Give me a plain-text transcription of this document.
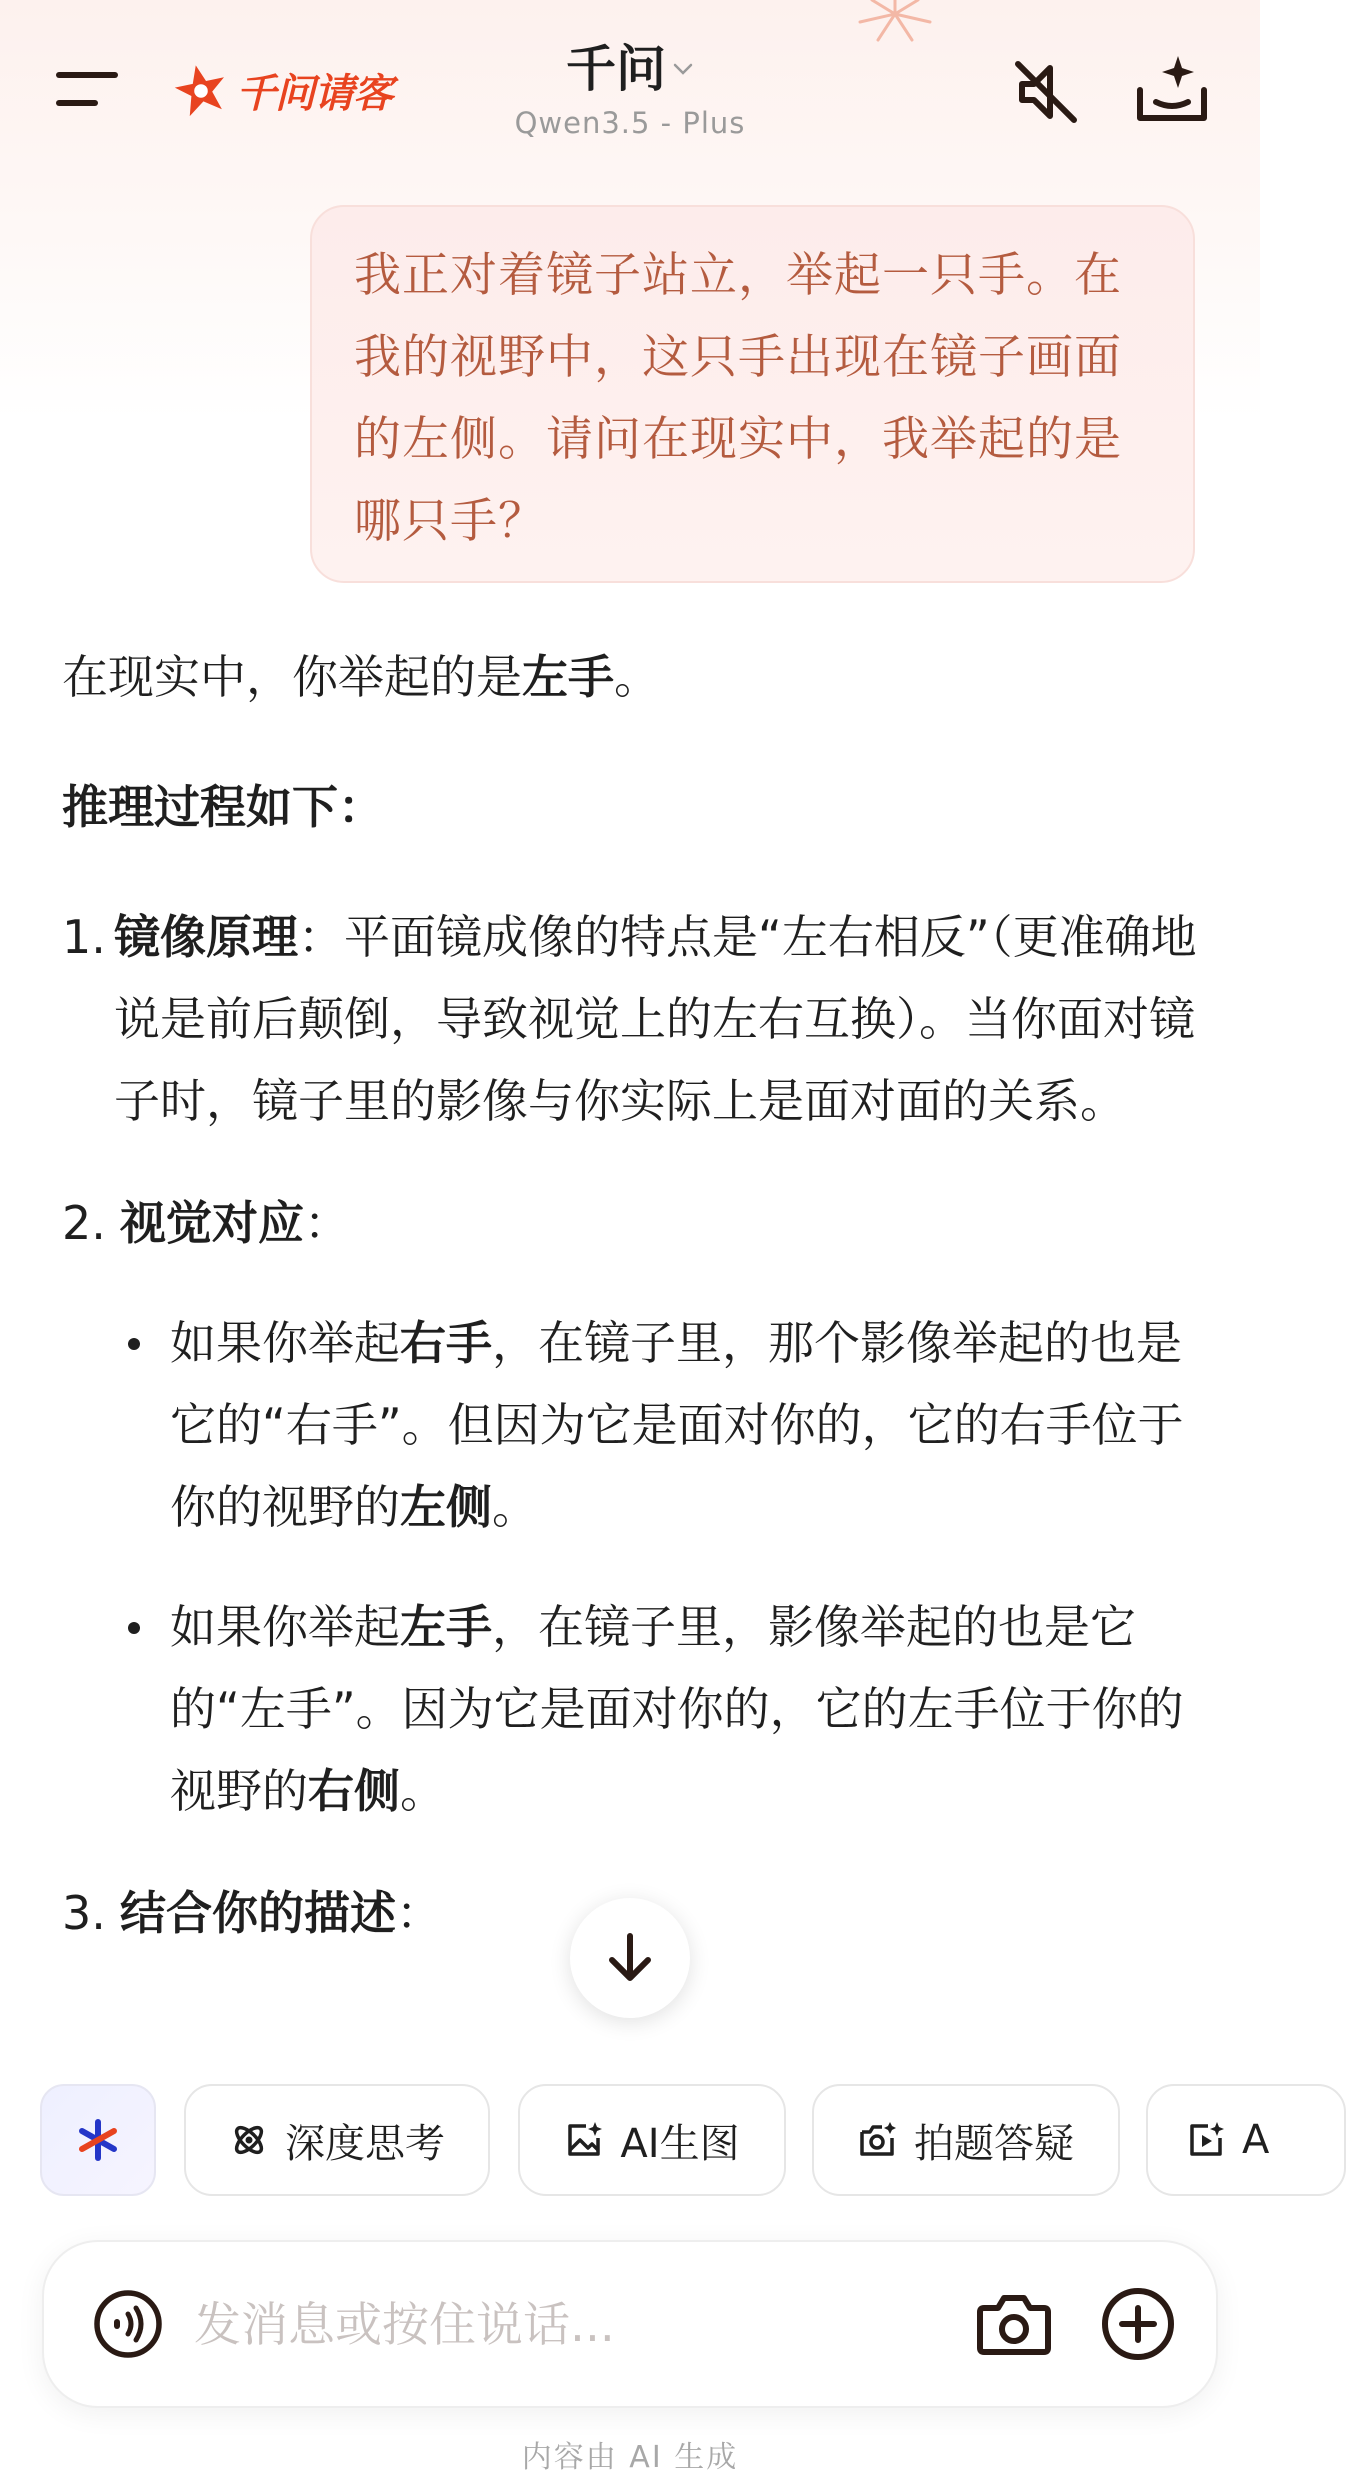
千问请客	千问
Qwen3.5 - Plus
我正对着镜子站立，举起一只手。在我的视野中，这只手出现在镜子画面的左侧。请问在现实中，我举起的是哪只手？

在现实中，你举起的是左手。

推理过程如下：

1. 镜像原理：平面镜成像的特点是“左右相反”（更准确地说是前后颠倒，导致视觉上的左右互换）。当你面对镜子时，镜子里的影像与你实际上是面对面的关系。
2. 视觉对应：
如果你举起右手，在镜子里，那个影像举起的也是它的“右手”。但因为它是面对你的，它的右手位于你的视野的左侧。
如果你举起左手，在镜子里，影像举起的也是它的“左手”。因为它是面对你的，它的左手位于你的视野的右侧。
3. 结合你的描述：
深度思考	AI生图	拍题答疑	A
发消息或按住说话...
内容由 AI 生成
